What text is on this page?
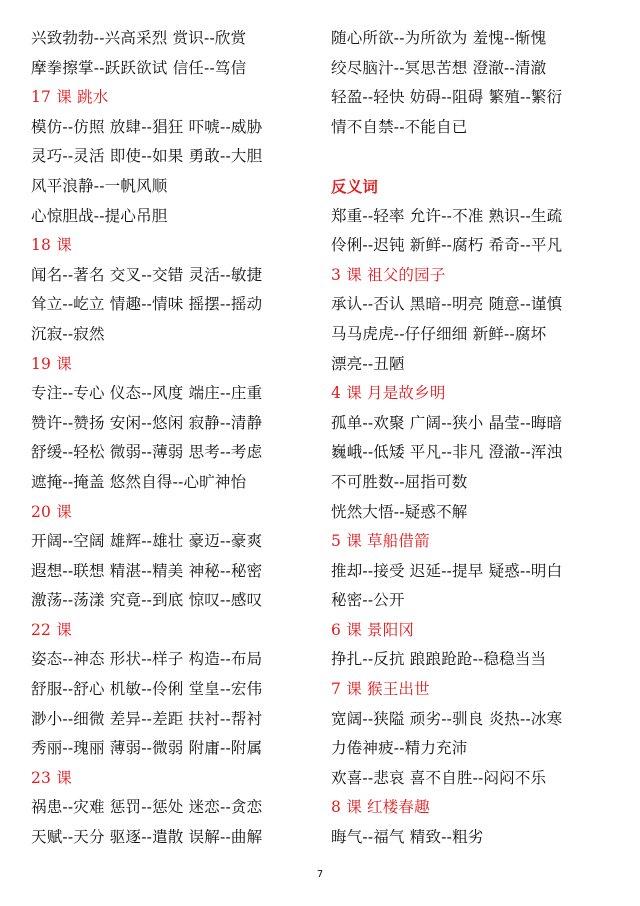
兴致勃勃--兴高采烈 赏识--欣赏
摩拳擦掌--跃跃欲试 信任--笃信
17 课 跳水
模仿--仿照 放肆--猖狂 吓唬--威胁
灵巧--灵活 即使--如果 勇敢--大胆
风平浪静--一帆风顺
心惊胆战--提心吊胆
18 课
闻名--著名 交叉--交错 灵活--敏捷
耸立--屹立 情趣--情味 摇摆--摇动
沉寂--寂然
19 课
专注--专心 仪态--风度 端庄--庄重
赞许--赞扬 安闲--悠闲 寂静--清静
舒缓--轻松 微弱--薄弱 思考--考虑
遮掩--掩盖 悠然自得--心旷神怡
20 课
开阔--空阔 雄辉--雄壮 豪迈--豪爽
遐想--联想 精湛--精美 神秘--秘密
激荡--荡漾 究竟--到底 惊叹--感叹
22 课
姿态--神态 形状--样子 构造--布局
舒服--舒心 机敏--伶俐 堂皇--宏伟
渺小--细微 差异--差距 扶衬--帮衬
秀丽--瑰丽 薄弱--微弱 附庸--附属
23 课
祸患--灾难 惩罚--惩处 迷恋--贪恋
天赋--天分 驱逐--遣散 误解--曲解
随心所欲--为所欲为 羞愧--惭愧
绞尽脑汁--冥思苦想 澄澈--清澈
轻盈--轻快 妨碍--阻碍 繁殖--繁衍
情不自禁--不能自已
反义词
郑重--轻率 允许--不准 熟识--生疏
伶俐--迟钝 新鲜--腐朽 希奇--平凡
3 课 祖父的园子
承认--否认 黑暗--明亮 随意--谨慎
马马虎虎--仔仔细细 新鲜--腐坏
漂亮--丑陋
4 课 月是故乡明
孤单--欢聚 广阔--狭小 晶莹--晦暗
巍峨--低矮 平凡--非凡 澄澈--浑浊
不可胜数--屈指可数
恍然大悟--疑惑不解
5 课 草船借箭
推却--接受 迟延--提早 疑惑--明白
秘密--公开
6 课 景阳冈
挣扎--反抗 踉踉跄跄--稳稳当当
7 课 猴王出世
宽阔--狭隘 顽劣--驯良 炎热--冰寒
力倦神疲--精力充沛
欢喜--悲哀 喜不自胜--闷闷不乐
8 课 红楼春趣
晦气--福气 精致--粗劣
7
